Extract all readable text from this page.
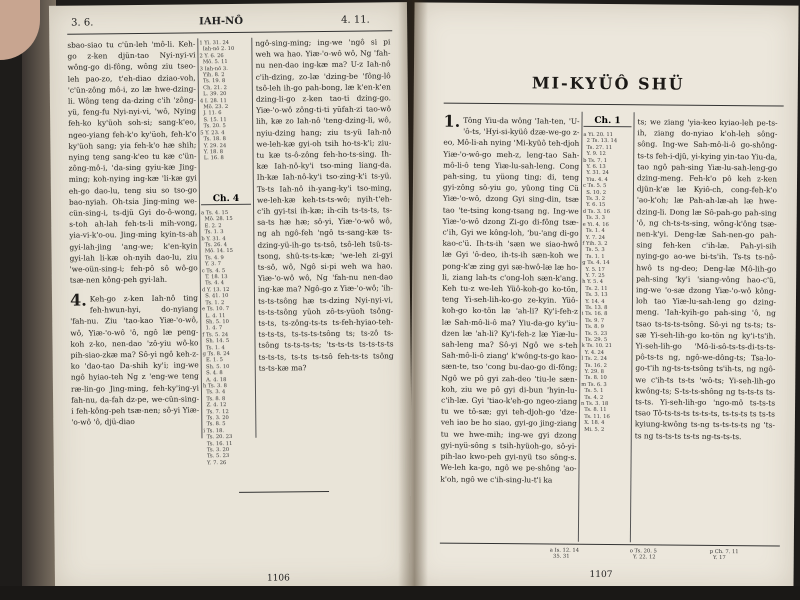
3. 6.	IAH-NÔ	4. 11.
sbao-siao tu c'ün-leh 'mô-li. Keh-go z-ken djün-tao Nyi-nyi-vi wông-go di-fông, wông ziu tseo-leh pao-zo, t'eh-diao dziao-voh, 'c'ün-zông mô-i, zo læ hwe-dzing-li. Wông teng da-dzing c'ih 'zông-yü, feng-fu Nyi-nyi-vi, 'wô, Nying feh-ko ky'üoh soh-si; sang-k'eo, ngeo-yiang feh-k'o ky'üoh, feh-k'o ky'üoh sang; yia feh-k'o hæ shih; nying teng sang-k'eo tu kæ c'ün-zông-mô-i, 'da-sing gyiu-kæ Jing-ming; koh-nying ing-kæ 'li-kæ gyi eh-go dao-lu, teng siu so tso-go bao-nyiah. Oh-tsia Jing-ming we-cün-sing-i, ts-djü Gyi do-ô-wong, s-toh ah-lah feh-ts-li mih-vong, yia-vi-k'o-ou. Jing-ming kyin-ts-ah gyi-lah-jing 'ang-we; k'en-kyin gyi-lah li-kæ oh-nyih dao-lu, ziu 'we-oün-sing-i; feh-pô sô wô-go tsæ-nen kông-peh gyi-lah.
4. Keh-go z-ken Iah-nô ting feh-hwun-hyi, do-nyiang 'fah-nu. Ziu 'tao-kao Yiæ-'o-wô, wô, Yiæ-'o-wô 'ô, ngô læ peng-koh z-ko, nen-dao 'zô-yiu wô-ko pih-siao-zkæ ma? Sô-yi ngô keh-z-ko 'dao-tao Da-shih ky'i; ing-we ngô hyiao-teh Ng z 'eng-we teng ræ-lin-go Jing-ming, feh-ky'ing-yi fah-nu, da-fah dz-pe, we-cün-sing-i feh-kông-peh tsæ-nen; sô-yi Yiæ-'o-wô 'ô, djü-diao
1 Yi. 31. 24
Iah-nô 2. 10
2 Y. 6. 26
Mô. 5. 11
3 Iah-nô 3.
Yih. 8. 2
Ts. 19. 8
Ch. 21. 2
L. 39. 20
4 I. 28. 11
Mô. 23. 2
J. 11. 6
S. 15. 11
Ts. 20. 5
5 Y. 23. 4
Ts. 18. 8
Y. 29. 24
Y. 18. 8
L. 16. 8
Ch. 4
a Ts. 4. 15
Mô. 28. 15
E. 2. 2
Ts. 1. 3
b Y. 31. 4
Ts. 26. 4
Mô. 14. 15
Ts. 4. 9
Y. 3. 7
c Ts. 4. 5
T. 18. 13
Ts. 4. 4
d Y. 13. 12
S. 41. 10
Ts. 1. 2
e Ts. 10. 7
L. 4. 11
Sh. 5. 10
1. 4. 7
f Ts. 5. 24
Sh. 14. 5
Ts. 1. 4
g Ts. 8. 24
E. 1. 5
Sh. 5. 10
S. 4. 8
A. 4. 18
h Ts. 3. 8
Ts. 3. 4
Ts. 8. 8
Z. 4. 12
Ts. 7. 12
Ts. 3. 20
Ts. 8. 5
i Ts. 18.
Ts. 20. 23
Ts. 16. 11
Ts. 3. 20
Ts. 5. 23
Y. 7. 26
ngô-sing-ming; ing-we 'ngô si pi weh wa hao. Yiæ-'o-wô wô, Ng 'fah-nu nen-dao ing-kæ ma? U-z Iah-nô c'ih-dzing, zo-læ 'dzing-be 'fông-lô tsô-leh ih-go pah-bong, læ k'en-k'en dzing-li-go z-ken tao-ti dzing-go. Yiæ-'o-wô zông-ti-ti yüfah-zi tao-wô lih, kæ zo Iah-nô 'teng-dzing-li, wô, nyiu-dzing hang; ziu ts-yü Iah-nô we-leh-kæ gyi-oh tsih ho-ts-k'i; ziu-tu kæ ts-ô-zông feh-ho-ts-sing. Ih-kæ Iah-nô-ky'i tso-ming liang-da. Ih-kæ Iah-nô-ky'i tso-zing-k'i ts-yü. Ts-ts Iah-nô ih-yang-ky'i tso-ming, we-leh-kæ keh-ts-ts-wô; nyih-t'eh-c'ih gyi-tsi ih-kæ; ih-cih ts-ts-ts, ts-sa-ts hæ hæ; sô-yi, Yiæ-'o-wô wô, ng ah ngô-feh 'ngô ts-sang-kæ ts-dzing-yü-ih-go ts-tsô, tsô-leh tsü-ts-tsong, shü-ts-ts-kæ; 'we-leh zi-gyi ts-sô, wô, Ngô si-pi weh wa hao. Yiæ-'o-wô wô, Ng 'fah-nu nen-dao ing-kæ ma? Ngô-go z Yiæ-'o-wô; 'ih-ts-ts-tsông hæ ts-dzing Nyi-nyi-vi, ts-ts-tsông yüoh zô-ts-yüoh tsông-ts-ts, ts-zông-ts-ts ts-feh-hyiao-teh-ts-ts-ts, ts-ts-ts-tsông ts; ts-zô ts-tsông ts-ts-ts-ts; 'ts-ts-ts ts-ts-ts-ts ts-ts-ts, ts-ts ts-tsô feh-ts-ts tsông ts-ts-kæ ma?
1106
MI-KYÜÔ SHÜ
1. Tông Yiu-da wông 'Iah-ten, 'U-'ô-ts, 'Hyi-si-kyüô dzæ-we-go z-eo, Mô-li-ah nying 'Mi-kyüô teh-djoh Yiæ-'o-wô-go meh-z, leng-tao Sah-mô-li-ô teng Yiæ-lu-sah-leng. Cong pah-sing, tu yüong ting; di, teng gyi-zông sô-yiu go, yüong ting Cü Yiæ-'o-wô, dzong Gyi sing-din, tsæ tao 'te-tsing kong-tsang ng. Ing-we Yiæ-'o-wô dzong Zi-go di-fông tsæ-c'ih, Gyi we kông-loh, 'bu-'ang di-go kao-c'ü. Ih-ts-ih 'sæn we siao-hwô læ Gyi 'ô-deo, ih-ts-ih sæn-koh we pong-k'æ zing gyi sæ-hwô-læ læ ho-li, ziang lah-ts c'ong-loh sæn-k'ang. Keh tu-z we-leh Yüô-koh-go ko-tön, teng Yi-seh-lih-ko-go ze-kyin. Yüô-koh-go ko-tön læ 'ah-li? Ky'i-feh-z læ Sah-mô-li-ô ma? Yiu-da-go ky'iu-dzen læ 'ah-li? Ky'i-feh-z læ Yiæ-lu-sah-leng ma? Sô-yi Ngô we s-teh Sah-mô-li-ô ziang' k'wông-ts-go kao-sæn-te, tso 'cong bu-dao-go di-fông; Ngô we pô gyi zah-deo 'tiu-le sæn-koh, ziu we pô gyi di-bun 'hyin-lu-c'ih-læ. Gyi 'tiao-k'eh-go ngeo-ziang tu we tô-sæ; gyi teh-djoh-go 'dze-veh iao be ho siao, gyi-go jing-ziang tu we hwe-mih; ing-we gyi dzong gyi-nyü-sông s tsih-hyüoh-go, sô-yi-pih-lao kwo-peh gyi-nyü tso sông-s. We-leh ka-go, ngô we pe-shông 'ao-k'oh, ngô we c'ih-sing-lu-t'i ka
Ch. 1
a Yi. 20. 11
2 Ts. 13. 14
Ts. 27. 11
Y. 9. 12
b Ts. 7. 1
Y. 6. 13
Y. 31. 24
Yiu. 4. 4
c Ts. 5. 5
S. 10. 2
Ts. 3. 2
Y. 6. 15
d Ts. 3. 16
Ts. 3. 3
e Yi. 4. 16
Ts. 1. 4
Y. 7. 24
f Yih. 3. 2
Ts. 5. 3
Ts. 1. 1
g Ts. 4. 14
Y. 5. 17
Y. 7. 25
h Y. 5. 4
Ts. 2. 11
Ts. 3. 13
Y. 14. 4
Ts. 13. 8
i Ts. 16. 8
Ts. 9. 7
Ts. 8. 9
Ts. 5. 23
Ts. 29. 5
k Ts. 10. 21
Y. 4. 24
l Ts. 2. 24
Ts. 16. 2
Y. 29. 8
Ts. 8. 10
m Ts. 6. 3
Ts. 5. 1
Ts. 4. 2
n Ts. 3. 18
Ts. 8. 11
Ts. 11. 16
X. 18. 4
Mi. 5. 2
ts; we ziang 'yia-keo kyiao-leh pe-ts-ih, ziang do-nyiao k'oh-leh sông-sông. Ing-we Sah-mô-li-ô go-shông-ts-ts feh-i-djü, yi-kying yin-tao Yiu-da, tao ngô pah-sing Yiæ-lu-sah-leng-go dzing-meng. Feh-k'o pô keh z-ken djün-k'æ læ Kyiô-ch, cong-feh-k'o 'ao-k'oh; læ Pah-ah-læ-ah læ hwe-dzing-li. Dong læ Sô-pah-go pah-sing 'ô, ng ch-ts-ts-sing, wông-k'ông tsæ-nen-k'yi. Deng-læ Sah-nen-go pah-sing feh-ken c'ih-læ. Pah-yi-sih nying-go ao-we bi-ts'ih. Ts-ts ts-nô-hwô ts ng-deo; Deng-læ Mô-lih-go pah-sing 'ky'i 'siang-vông hao-c'ü, ing-we 'o-sæ dzong Yiæ-'o-wô kông-loh tao Yiæ-lu-sah-leng go dzing-meng. 'Iah-kyih-go pah-sing 'ô, ng tsao ts-ts-ts-tsông. Sô-yi ng ts-ts; ts-sæ Yi-seh-lih-go ko-tön ng ky'i-ts'ih. Yi-seh-lih-go 'Mô-li-sô-ts-ts-di-ts-ts-pô-ts-ts ng, ngô-we-dông-ts; Tsa-lo-go-t'ih ng-ts-ts-tsông ts'ih-ts, ng ngô-we c'ih-ts ts-ts 'wô-ts; Yi-seh-lih-go kwông-ts; S-ts-ts-shông ng ts-ts-ts ts-ts-ts. Yi-seh-lih-go 'ngo-mô ts-ts-ts tsao Tô-ts-ts-ts ts-ts-ts, ts-ts-ts ts ts-ts kyiung-kwông ts-ng ts-ts-ts-ts ng 'ts-ts ng ts-ts-ts ts-ts ng-ts-ts-ts.
a Is. 12. 14
35. 31
o Ts. 20. 5
Y. 22. 12
p Ch. 7. 11
Y. 17
1107
